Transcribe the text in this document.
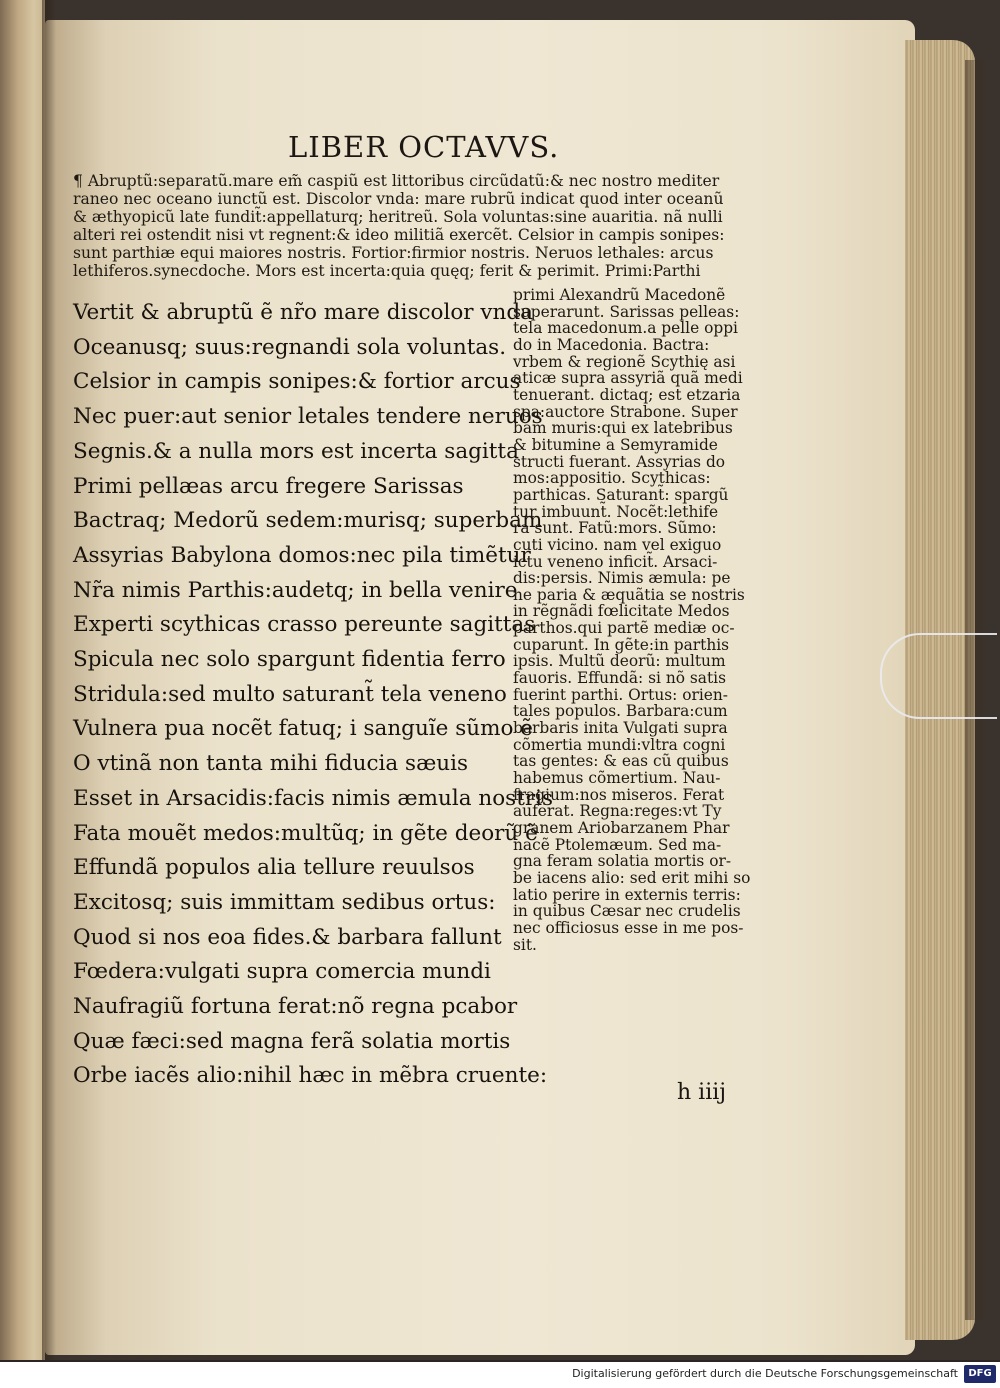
LIBER OCTAVVS.
¶ Abruptũ:separatũ.mare em̃ caspiũ est littoribus circũdatũ:& nec nostro mediter
raneo nec oceano iunctũ est. Discolor vnda: mare rubrũ indicat quod inter oceanũ
& æthyopicũ late fundit̃:appellaturq; heritreũ. Sola voluntas:sine auaritia. nã nulli
alteri rei ostendit nisi vt regnent:& ideo militiã exercẽt. Celsior in campis sonipes:
sunt parthiæ equi maiores nostris. Fortior:firmior nostris. Neruos lethales: arcus
lethiferos.synecdoche. Mors est incerta:quia quęq; ferit & perimit. Primi:Parthi
Vertit & abruptũ ẽ nr̃o mare discolor vnda
Oceanusq; suus:regnandi sola voluntas.
Celsior in campis sonipes:& fortior arcus
Nec puer:aut senior letales tendere neruos
Segnis.& a nulla mors est incerta sagitta
Primi pellæas arcu fregere Sarissas
Bactraq; Medorũ sedem:murisq; superbam
Assyrias Babylona domos:nec pila timẽtur
Nr̃a nimis Parthis:audetq; in bella venire
Experti scythicas crasso pereunte sagittas
Spicula nec solo spargunt fidentia ferro
Stridula:sed multo saturant̃ tela veneno
Vulnera pua nocẽt fatuq; i sanguĩe sũmo ẽ
O vtinã non tanta mihi fiducia sæuis
Esset in Arsacidis:facis nimis æmula nostris
Fata mouẽt medos:multũq; in gẽte deorũ ẽ
Effundã populos alia tellure reuulsos
Excitosq; suis immittam sedibus ortus:
Quod si nos eoa fides.& barbara fallunt
Fœdera:vulgati supra comercia mundi
Naufragiũ fortuna ferat:nõ regna pcabor
Quæ fæci:sed magna ferã solatia mortis
Orbe iacẽs alio:nihil hæc in mẽbra cruente:
primi Alexandrũ Macedonẽ
superarunt. Sarissas pelleas:
tela macedonum.a pelle oppi
do in Macedonia. Bactra:
vrbem & regionẽ Scythię asi
aticæ supra assyriã quã medi
tenuerant. dictaq; est etzaria
spa:auctore Strabone. Super
bam muris:qui ex latebribus
& bitumine a Semyramide
structi fuerant. Assyrias do
mos:appositio. Scythicas:
parthicas. Saturant̃: spargũ
tur imbuunt̃. Nocẽt:lethife
ra sunt. Fatũ:mors. Sũmo:
cuti vicino. nam vel exiguo
ictu veneno inficit̃. Arsaci-
dis:persis. Nimis æmula: pe
ne paria & æquãtia se nostris
in rẽgnãdi fœlicitate Medos
parthos.qui partẽ mediæ oc-
cuparunt. In gẽte:in parthis
ipsis. Multũ deorũ: multum
fauoris. Effundã: si nõ satis
fuerint parthi. Ortus: orien-
tales populos. Barbara:cum
barbaris inita Vulgati supra
cõmertia mundi:vltra cogni
tas gentes: & eas cũ quibus
habemus cõmertium. Nau-
fragium:nos miseros. Ferat
auferat. Regna:reges:vt Ty
granem Ariobarzanem Phar
nacẽ Ptolemæum. Sed ma-
gna feram solatia mortis or-
be iacens alio: sed erit mihi so
latio perire in externis terris:
in quibus Cæsar nec crudelis
nec officiosus esse in me pos-
sit.
h iiij
Digitalisierung gefördert durch die Deutsche Forschungsgemeinschaft	DFG
